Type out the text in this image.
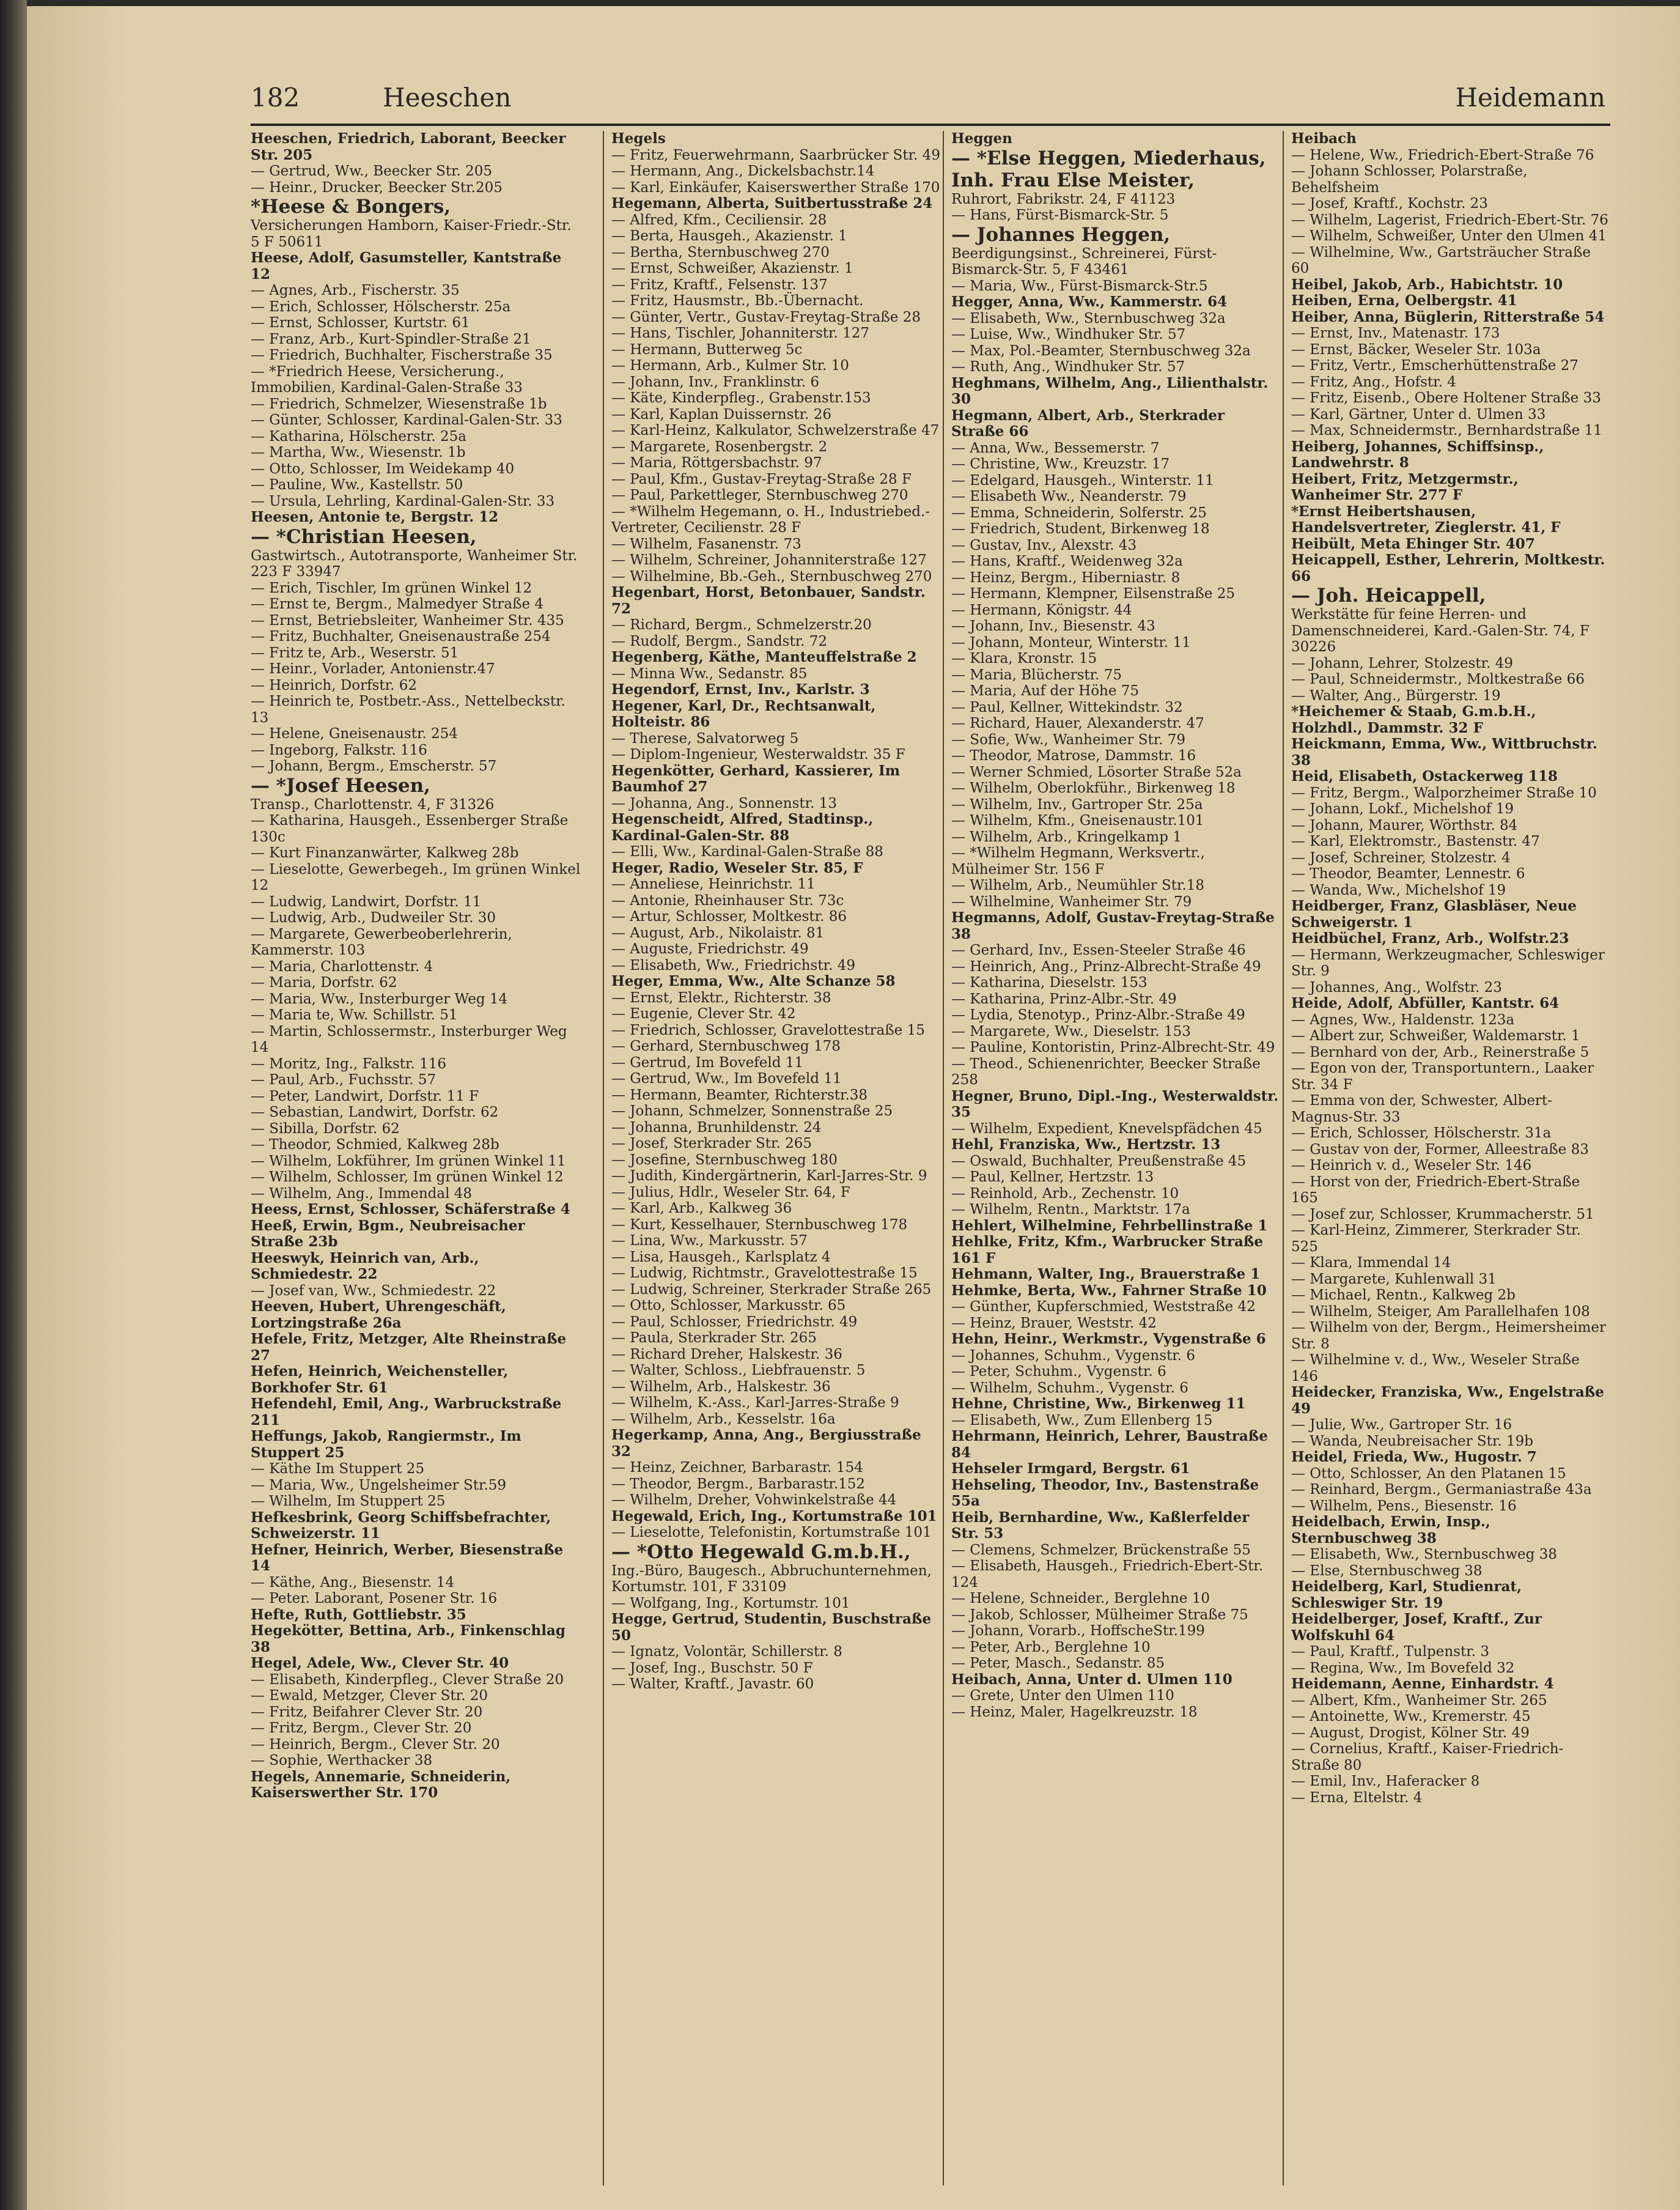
182	Heeschen	Heidemann
Heeschen, Friedrich, Laborant, Beecker Str. 205
— Gertrud, Ww., Beecker Str. 205
— Heinr., Drucker, Beecker Str.205
*Heese & Bongers,
Versicherungen Hamborn, Kaiser-Friedr.-Str. 5 F 50611
Heese, Adolf, Gasumsteller, Kantstraße 12
— Agnes, Arb., Fischerstr. 35
— Erich, Schlosser, Hölscherstr. 25a
— Ernst, Schlosser, Kurtstr. 61
— Franz, Arb., Kurt-Spindler-Straße 21
— Friedrich, Buchhalter, Fischerstraße 35
— *Friedrich Heese, Versicherung., Immobilien, Kardinal-Galen-Straße 33
— Friedrich, Schmelzer, Wiesenstraße 1b
— Günter, Schlosser, Kardinal-Galen-Str. 33
— Katharina, Hölscherstr. 25a
— Martha, Ww., Wiesenstr. 1b
— Otto, Schlosser, Im Weidekamp 40
— Pauline, Ww., Kastellstr. 50
— Ursula, Lehrling, Kardinal-Galen-Str. 33
Heesen, Antonie te, Bergstr. 12
— *Christian Heesen,
Gastwirtsch., Autotransporte, Wanheimer Str. 223 F 33947
— Erich, Tischler, Im grünen Winkel 12
— Ernst te, Bergm., Malmedyer Straße 4
— Ernst, Betriebsleiter, Wanheimer Str. 435
— Fritz, Buchhalter, Gneisenaustraße 254
— Fritz te, Arb., Weserstr. 51
— Heinr., Vorlader, Antonienstr.47
— Heinrich, Dorfstr. 62
— Heinrich te, Postbetr.-Ass., Nettelbeckstr. 13
— Helene, Gneisenaustr. 254
— Ingeborg, Falkstr. 116
— Johann, Bergm., Emscherstr. 57
— *Josef Heesen,
Transp., Charlottenstr. 4, F 31326
— Katharina, Hausgeh., Essenberger Straße 130c
— Kurt Finanzanwärter, Kalkweg 28b
— Lieselotte, Gewerbegeh., Im grünen Winkel 12
— Ludwig, Landwirt, Dorfstr. 11
— Ludwig, Arb., Dudweiler Str. 30
— Margarete, Gewerbeoberlehrerin, Kammerstr. 103
— Maria, Charlottenstr. 4
— Maria, Dorfstr. 62
— Maria, Ww., Insterburger Weg 14
— Maria te, Ww. Schillstr. 51
— Martin, Schlossermstr., Insterburger Weg 14
— Moritz, Ing., Falkstr. 116
— Paul, Arb., Fuchsstr. 57
— Peter, Landwirt, Dorfstr. 11 F
— Sebastian, Landwirt, Dorfstr. 62
— Sibilla, Dorfstr. 62
— Theodor, Schmied, Kalkweg 28b
— Wilhelm, Lokführer, Im grünen Winkel 11
— Wilhelm, Schlosser, Im grünen Winkel 12
— Wilhelm, Ang., Immendal 48
Heess, Ernst, Schlosser, Schäferstraße 4
Heeß, Erwin, Bgm., Neubreisacher Straße 23b
Heeswyk, Heinrich van, Arb., Schmiedestr. 22
— Josef van, Ww., Schmiedestr. 22
Heeven, Hubert, Uhrengeschäft, Lortzingstraße 26a
Hefele, Fritz, Metzger, Alte Rheinstraße 27
Hefen, Heinrich, Weichensteller, Borkhofer Str. 61
Hefendehl, Emil, Ang., Warbruckstraße 211
Heffungs, Jakob, Rangiermstr., Im Stuppert 25
— Käthe Im Stuppert 25
— Maria, Ww., Ungelsheimer Str.59
— Wilhelm, Im Stuppert 25
Hefkesbrink, Georg Schiffsbefrachter, Schweizerstr. 11
Hefner, Heinrich, Werber, Biesenstraße 14
— Käthe, Ang., Biesenstr. 14
— Peter. Laborant, Posener Str. 16
Hefte, Ruth, Gottliebstr. 35
Hegekötter, Bettina, Arb., Finkenschlag 38
Hegel, Adele, Ww., Clever Str. 40
— Elisabeth, Kinderpfleg., Clever Straße 20
— Ewald, Metzger, Clever Str. 20
— Fritz, Beifahrer Clever Str. 20
— Fritz, Bergm., Clever Str. 20
— Heinrich, Bergm., Clever Str. 20
— Sophie, Werthacker 38
Hegels, Annemarie, Schneiderin, Kaiserswerther Str. 170
Hegels
— Fritz, Feuerwehrmann, Saarbrücker Str. 49
— Hermann, Ang., Dickelsbachstr.14
— Karl, Einkäufer, Kaiserswerther Straße 170
Hegemann, Alberta, Suitbertusstraße 24
— Alfred, Kfm., Ceciliensir. 28
— Berta, Hausgeh., Akazienstr. 1
— Bertha, Sternbuschweg 270
— Ernst, Schweißer, Akazienstr. 1
— Fritz, Kraftf., Felsenstr. 137
— Fritz, Hausmstr., Bb.-Übernacht.
— Günter, Vertr., Gustav-Freytag-Straße 28
— Hans, Tischler, Johanniterstr. 127
— Hermann, Butterweg 5c
— Hermann, Arb., Kulmer Str. 10
— Johann, Inv., Franklinstr. 6
— Käte, Kinderpfleg., Grabenstr.153
— Karl, Kaplan Duissernstr. 26
— Karl-Heinz, Kalkulator, Schwelzerstraße 47
— Margarete, Rosenbergstr. 2
— Maria, Röttgersbachstr. 97
— Paul, Kfm., Gustav-Freytag-Straße 28 F
— Paul, Parkettleger, Sternbuschweg 270
— *Wilhelm Hegemann, o. H., Industriebed.-Vertreter, Cecilienstr. 28 F
— Wilhelm, Fasanenstr. 73
— Wilhelm, Schreiner, Johanniterstraße 127
— Wilhelmine, Bb.-Geh., Sternbuschweg 270
Hegenbart, Horst, Betonbauer, Sandstr. 72
— Richard, Bergm., Schmelzerstr.20
— Rudolf, Bergm., Sandstr. 72
Hegenberg, Käthe, Manteuffelstraße 2
— Minna Ww., Sedanstr. 85
Hegendorf, Ernst, Inv., Karlstr. 3
Hegener, Karl, Dr., Rechtsanwalt, Holteistr. 86
— Therese, Salvatorweg 5
— Diplom-Ingenieur, Westerwaldstr. 35 F
Hegenkötter, Gerhard, Kassierer, Im Baumhof 27
— Johanna, Ang., Sonnenstr. 13
Hegenscheidt, Alfred, Stadtinsp., Kardinal-Galen-Str. 88
— Elli, Ww., Kardinal-Galen-Straße 88
Heger, Radio, Weseler Str. 85, F
— Anneliese, Heinrichstr. 11
— Antonie, Rheinhauser Str. 73c
— Artur, Schlosser, Moltkestr. 86
— August, Arb., Nikolaistr. 81
— Auguste, Friedrichstr. 49
— Elisabeth, Ww., Friedrichstr. 49
Heger, Emma, Ww., Alte Schanze 58
— Ernst, Elektr., Richterstr. 38
— Eugenie, Clever Str. 42
— Friedrich, Schlosser, Gravelottestraße 15
— Gerhard, Sternbuschweg 178
— Gertrud, Im Bovefeld 11
— Gertrud, Ww., Im Bovefeld 11
— Hermann, Beamter, Richterstr.38
— Johann, Schmelzer, Sonnenstraße 25
— Johanna, Brunhildenstr. 24
— Josef, Sterkrader Str. 265
— Josefine, Sternbuschweg 180
— Judith, Kindergärtnerin, Karl-Jarres-Str. 9
— Julius, Hdlr., Weseler Str. 64, F
— Karl, Arb., Kalkweg 36
— Kurt, Kesselhauer, Sternbuschweg 178
— Lina, Ww., Markusstr. 57
— Lisa, Hausgeh., Karlsplatz 4
— Ludwig, Richtmstr., Gravelottestraße 15
— Ludwig, Schreiner, Sterkrader Straße 265
— Otto, Schlosser, Markusstr. 65
— Paul, Schlosser, Friedrichstr. 49
— Paula, Sterkrader Str. 265
— Richard Dreher, Halskestr. 36
— Walter, Schloss., Liebfrauenstr. 5
— Wilhelm, Arb., Halskestr. 36
— Wilhelm, K.-Ass., Karl-Jarres-Straße 9
— Wilhelm, Arb., Kesselstr. 16a
Hegerkamp, Anna, Ang., Bergiusstraße 32
— Heinz, Zeichner, Barbarastr. 154
— Theodor, Bergm., Barbarastr.152
— Wilhelm, Dreher, Vohwinkelstraße 44
Hegewald, Erich, Ing., Kortumstraße 101
— Lieselotte, Telefonistin, Kortumstraße 101
— *Otto Hegewald G.m.b.H.,
Ing.-Büro, Baugesch., Abbruchunternehmen, Kortumstr. 101, F 33109
— Wolfgang, Ing., Kortumstr. 101
Hegge, Gertrud, Studentin, Buschstraße 50
— Ignatz, Volontär, Schillerstr. 8
— Josef, Ing., Buschstr. 50 F
— Walter, Kraftf., Javastr. 60
Heggen
— *Else Heggen, Miederhaus,
Inh. Frau Else Meister,
Ruhrort, Fabrikstr. 24, F 41123
— Hans, Fürst-Bismarck-Str. 5
— Johannes Heggen,
Beerdigungsinst., Schreinerei, Fürst-Bismarck-Str. 5, F 43461
— Maria, Ww., Fürst-Bismarck-Str.5
Hegger, Anna, Ww., Kammerstr. 64
— Elisabeth, Ww., Sternbuschweg 32a
— Luise, Ww., Windhuker Str. 57
— Max, Pol.-Beamter, Sternbuschweg 32a
— Ruth, Ang., Windhuker Str. 57
Heghmans, Wilhelm, Ang., Lilienthalstr. 30
Hegmann, Albert, Arb., Sterkrader Straße 66
— Anna, Ww., Bessemerstr. 7
— Christine, Ww., Kreuzstr. 17
— Edelgard, Hausgeh., Winterstr. 11
— Elisabeth Ww., Neanderstr. 79
— Emma, Schneiderin, Solferstr. 25
— Friedrich, Student, Birkenweg 18
— Gustav, Inv., Alexstr. 43
— Hans, Kraftf., Weidenweg 32a
— Heinz, Bergm., Hiberniastr. 8
— Hermann, Klempner, Eilsenstraße 25
— Hermann, Königstr. 44
— Johann, Inv., Biesenstr. 43
— Johann, Monteur, Winterstr. 11
— Klara, Kronstr. 15
— Maria, Blücherstr. 75
— Maria, Auf der Höhe 75
— Paul, Kellner, Wittekindstr. 32
— Richard, Hauer, Alexanderstr. 47
— Sofie, Ww., Wanheimer Str. 79
— Theodor, Matrose, Dammstr. 16
— Werner Schmied, Lösorter Straße 52a
— Wilhelm, Oberlokführ., Birkenweg 18
— Wilhelm, Inv., Gartroper Str. 25a
— Wilhelm, Kfm., Gneisenaustr.101
— Wilhelm, Arb., Kringelkamp 1
— *Wilhelm Hegmann, Werksvertr., Mülheimer Str. 156 F
— Wilhelm, Arb., Neumühler Str.18
— Wilhelmine, Wanheimer Str. 79
Hegmanns, Adolf, Gustav-Freytag-Straße 38
— Gerhard, Inv., Essen-Steeler Straße 46
— Heinrich, Ang., Prinz-Albrecht-Straße 49
— Katharina, Dieselstr. 153
— Katharina, Prinz-Albr.-Str. 49
— Lydia, Stenotyp., Prinz-Albr.-Straße 49
— Margarete, Ww., Dieselstr. 153
— Pauline, Kontoristin, Prinz-Albrecht-Str. 49
— Theod., Schienenrichter, Beecker Straße 258
Hegner, Bruno, Dipl.-Ing., Westerwaldstr. 35
— Wilhelm, Expedient, Knevelspfädchen 45
Hehl, Franziska, Ww., Hertzstr. 13
— Oswald, Buchhalter, Preußenstraße 45
— Paul, Kellner, Hertzstr. 13
— Reinhold, Arb., Zechenstr. 10
— Wilhelm, Rentn., Marktstr. 17a
Hehlert, Wilhelmine, Fehrbellinstraße 1
Hehlke, Fritz, Kfm., Warbrucker Straße 161 F
Hehmann, Walter, Ing., Brauerstraße 1
Hehmke, Berta, Ww., Fahrner Straße 10
— Günther, Kupferschmied, Weststraße 42
— Heinz, Brauer, Weststr. 42
Hehn, Heinr., Werkmstr., Vygenstraße 6
— Johannes, Schuhm., Vygenstr. 6
— Peter, Schuhm., Vygenstr. 6
— Wilhelm, Schuhm., Vygenstr. 6
Hehne, Christine, Ww., Birkenweg 11
— Elisabeth, Ww., Zum Ellenberg 15
Hehrmann, Heinrich, Lehrer, Baustraße 84
Hehseler Irmgard, Bergstr. 61
Hehseling, Theodor, Inv., Bastenstraße 55a
Heib, Bernhardine, Ww., Kaßlerfelder Str. 53
— Clemens, Schmelzer, Brückenstraße 55
— Elisabeth, Hausgeh., Friedrich-Ebert-Str. 124
— Helene, Schneider., Berglehne 10
— Jakob, Schlosser, Mülheimer Straße 75
— Johann, Vorarb., HoffscheStr.199
— Peter, Arb., Berglehne 10
— Peter, Masch., Sedanstr. 85
Heibach, Anna, Unter d. Ulmen 110
— Grete, Unter den Ulmen 110
— Heinz, Maler, Hagelkreuzstr. 18
Heibach
— Helene, Ww., Friedrich-Ebert-Straße 76
— Johann Schlosser, Polarstraße, Behelfsheim
— Josef, Kraftf., Kochstr. 23
— Wilhelm, Lagerist, Friedrich-Ebert-Str. 76
— Wilhelm, Schweißer, Unter den Ulmen 41
— Wilhelmine, Ww., Gartsträucher Straße 60
Heibel, Jakob, Arb., Habichtstr. 10
Heiben, Erna, Oelbergstr. 41
Heiber, Anna, Büglerin, Ritterstraße 54
— Ernst, Inv., Matenastr. 173
— Ernst, Bäcker, Weseler Str. 103a
— Fritz, Vertr., Emscherhüttenstraße 27
— Fritz, Ang., Hofstr. 4
— Fritz, Eisenb., Obere Holtener Straße 33
— Karl, Gärtner, Unter d. Ulmen 33
— Max, Schneidermstr., Bernhardstraße 11
Heiberg, Johannes, Schiffsinsp., Landwehrstr. 8
Heibert, Fritz, Metzgermstr., Wanheimer Str. 277 F
*Ernst Heibertshausen, Handelsvertreter, Zieglerstr. 41, F
Heibült, Meta Ehinger Str. 407
Heicappell, Esther, Lehrerin, Moltkestr. 66
— Joh. Heicappell,
Werkstätte für feine Herren- und Damenschneiderei, Kard.-Galen-Str. 74, F 30226
— Johann, Lehrer, Stolzestr. 49
— Paul, Schneidermstr., Moltkestraße 66
— Walter, Ang., Bürgerstr. 19
*Heichemer & Staab, G.m.b.H., Holzhdl., Dammstr. 32 F
Heickmann, Emma, Ww., Wittbruchstr. 38
Heid, Elisabeth, Ostackerweg 118
— Fritz, Bergm., Walporzheimer Straße 10
— Johann, Lokf., Michelshof 19
— Johann, Maurer, Wörthstr. 84
— Karl, Elektromstr., Bastenstr. 47
— Josef, Schreiner, Stolzestr. 4
— Theodor, Beamter, Lennestr. 6
— Wanda, Ww., Michelshof 19
Heidberger, Franz, Glasbläser, Neue Schweigerstr. 1
Heidbüchel, Franz, Arb., Wolfstr.23
— Hermann, Werkzeugmacher, Schleswiger Str. 9
— Johannes, Ang., Wolfstr. 23
Heide, Adolf, Abfüller, Kantstr. 64
— Agnes, Ww., Haldenstr. 123a
— Albert zur, Schweißer, Waldemarstr. 1
— Bernhard von der, Arb., Reinerstraße 5
— Egon von der, Transportuntern., Laaker Str. 34 F
— Emma von der, Schwester, Albert-Magnus-Str. 33
— Erich, Schlosser, Hölscherstr. 31a
— Gustav von der, Former, Alleestraße 83
— Heinrich v. d., Weseler Str. 146
— Horst von der, Friedrich-Ebert-Straße 165
— Josef zur, Schlosser, Krummacherstr. 51
— Karl-Heinz, Zimmerer, Sterkrader Str. 525
— Klara, Immendal 14
— Margarete, Kuhlenwall 31
— Michael, Rentn., Kalkweg 2b
— Wilhelm, Steiger, Am Parallelhafen 108
— Wilhelm von der, Bergm., Heimersheimer Str. 8
— Wilhelmine v. d., Ww., Weseler Straße 146
Heidecker, Franziska, Ww., Engelstraße 49
— Julie, Ww., Gartroper Str. 16
— Wanda, Neubreisacher Str. 19b
Heidel, Frieda, Ww., Hugostr. 7
— Otto, Schlosser, An den Platanen 15
— Reinhard, Bergm., Germaniastraße 43a
— Wilhelm, Pens., Biesenstr. 16
Heidelbach, Erwin, Insp., Sternbuschweg 38
— Elisabeth, Ww., Sternbuschweg 38
— Else, Sternbuschweg 38
Heidelberg, Karl, Studienrat, Schleswiger Str. 19
Heidelberger, Josef, Kraftf., Zur Wolfskuhl 64
— Paul, Kraftf., Tulpenstr. 3
— Regina, Ww., Im Bovefeld 32
Heidemann, Aenne, Einhardstr. 4
— Albert, Kfm., Wanheimer Str. 265
— Antoinette, Ww., Kremerstr. 45
— August, Drogist, Kölner Str. 49
— Cornelius, Kraftf., Kaiser-Friedrich-Straße 80
— Emil, Inv., Haferacker 8
— Erna, Eltelstr. 4
